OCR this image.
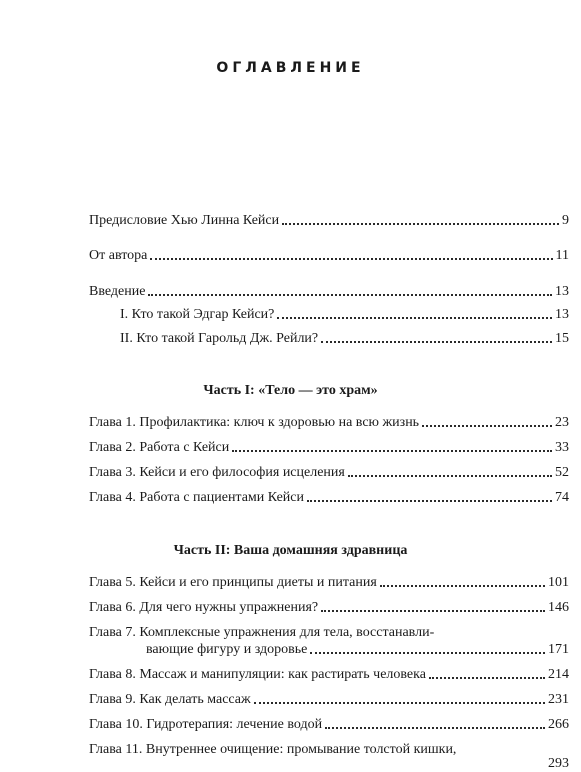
ОГЛАВЛЕНИЕ
Предисловие Хью Линна Кейси	9
От автора	11
Введение	13
I. Кто такой Эдгар Кейси?	13
II. Кто такой Гарольд Дж. Рейли?	15
Часть I: «Тело — это храм»
Глава 1. Профилактика: ключ к здоровью на всю жизнь	23
Глава 2. Работа с Кейси	33
Глава 3. Кейси и его философия исцеления	52
Глава 4. Работа с пациентами Кейси	74
Часть II: Ваша домашняя здравница
Глава 5. Кейси и его принципы диеты и питания	101
Глава 6. Для чего нужны упражнения?	146
Глава 7. Комплексные упражнения для тела, восстанавли-
вающие фигуру и здоровье	171
Глава 8. Массаж и манипуляции: как растирать человека	214
Глава 9. Как делать массаж	231
Глава 10. Гидротерапия: лечение водой	266
Глава 11. Внутреннее очищение: промывание толстой кишки,
293
